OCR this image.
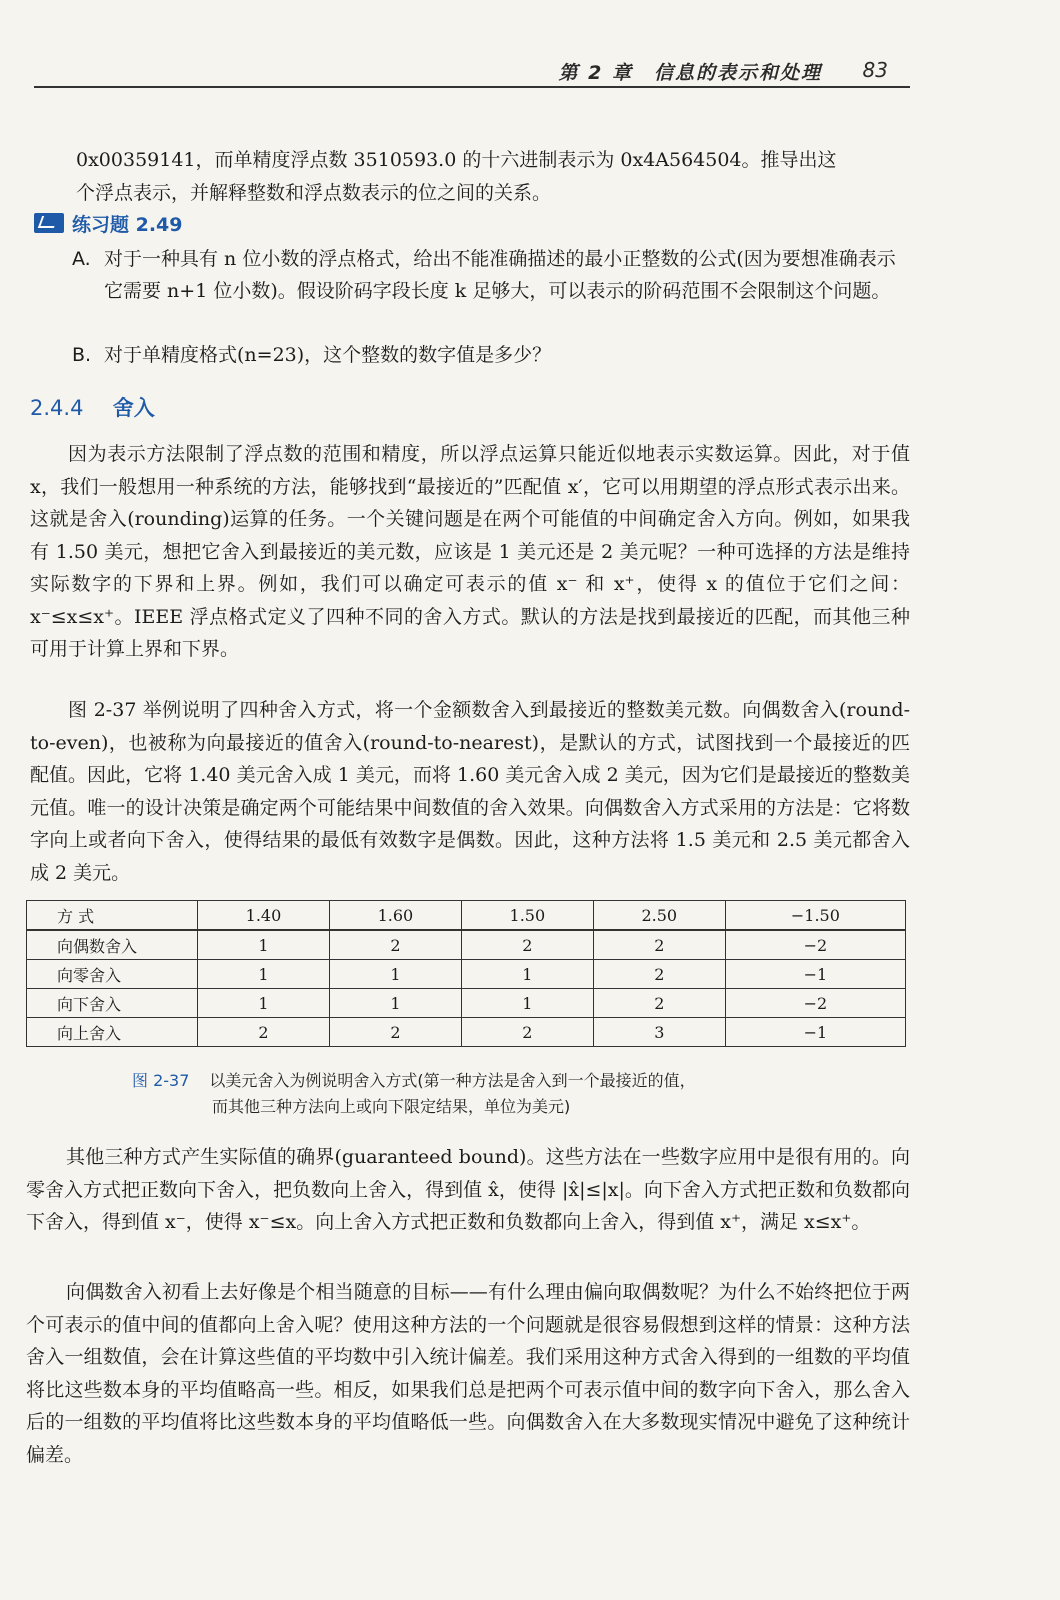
第 2 章　信息的表示和处理 83
0x00359141，而单精度浮点数 3510593.0 的十六进制表示为 0x4A564504。推导出这
个浮点表示，并解释整数和浮点数表示的位之间的关系。
练习题 2.49
A. 对于一种具有 n 位小数的浮点格式，给出不能准确描述的最小正整数的公式(因为要想准确表示它需要 n+1 位小数)。假设阶码字段长度 k 足够大，可以表示的阶码范围不会限制这个问题。
B. 对于单精度格式(n=23)，这个整数的数字值是多少？
2.4.4 舍入
因为表示方法限制了浮点数的范围和精度，所以浮点运算只能近似地表示实数运算。因此，对于值 x，我们一般想用一种系统的方法，能够找到“最接近的”匹配值 x′，它可以用期望的浮点形式表示出来。这就是舍入(rounding)运算的任务。一个关键问题是在两个可能值的中间确定舍入方向。例如，如果我有 1.50 美元，想把它舍入到最接近的美元数，应该是 1 美元还是 2 美元呢？一种可选择的方法是维持实际数字的下界和上界。例如，我们可以确定可表示的值 x⁻ 和 x⁺，使得 x 的值位于它们之间：x⁻≤x≤x⁺。IEEE 浮点格式定义了四种不同的舍入方式。默认的方法是找到最接近的匹配，而其他三种可用于计算上界和下界。
图 2-37 举例说明了四种舍入方式，将一个金额数舍入到最接近的整数美元数。向偶数舍入(round-to-even)，也被称为向最接近的值舍入(round-to-nearest)，是默认的方式，试图找到一个最接近的匹配值。因此，它将 1.40 美元舍入成 1 美元，而将 1.60 美元舍入成 2 美元，因为它们是最接近的整数美元值。唯一的设计决策是确定两个可能结果中间数值的舍入效果。向偶数舍入方式采用的方法是：它将数字向上或者向下舍入，使得结果的最低有效数字是偶数。因此，这种方法将 1.5 美元和 2.5 美元都舍入成 2 美元。
方 式	1.40	1.60	1.50	2.50	−1.50
向偶数舍入	1	2	2	2	−2
向零舍入	1	1	1	2	−1
向下舍入	1	1	1	2	−2
向上舍入	2	2	2	3	−1
图 2-37 以美元舍入为例说明舍入方式(第一种方法是舍入到一个最接近的值，
而其他三种方法向上或向下限定结果，单位为美元)
其他三种方式产生实际值的确界(guaranteed bound)。这些方法在一些数字应用中是很有用的。向零舍入方式把正数向下舍入，把负数向上舍入，得到值 x̂，使得 |x̂|≤|x|。向下舍入方式把正数和负数都向下舍入，得到值 x⁻，使得 x⁻≤x。向上舍入方式把正数和负数都向上舍入，得到值 x⁺，满足 x≤x⁺。
向偶数舍入初看上去好像是个相当随意的目标——有什么理由偏向取偶数呢？为什么不始终把位于两个可表示的值中间的值都向上舍入呢？使用这种方法的一个问题就是很容易假想到这样的情景：这种方法舍入一组数值，会在计算这些值的平均数中引入统计偏差。我们采用这种方式舍入得到的一组数的平均值将比这些数本身的平均值略高一些。相反，如果我们总是把两个可表示值中间的数字向下舍入，那么舍入后的一组数的平均值将比这些数本身的平均值略低一些。向偶数舍入在大多数现实情况中避免了这种统计偏差。
